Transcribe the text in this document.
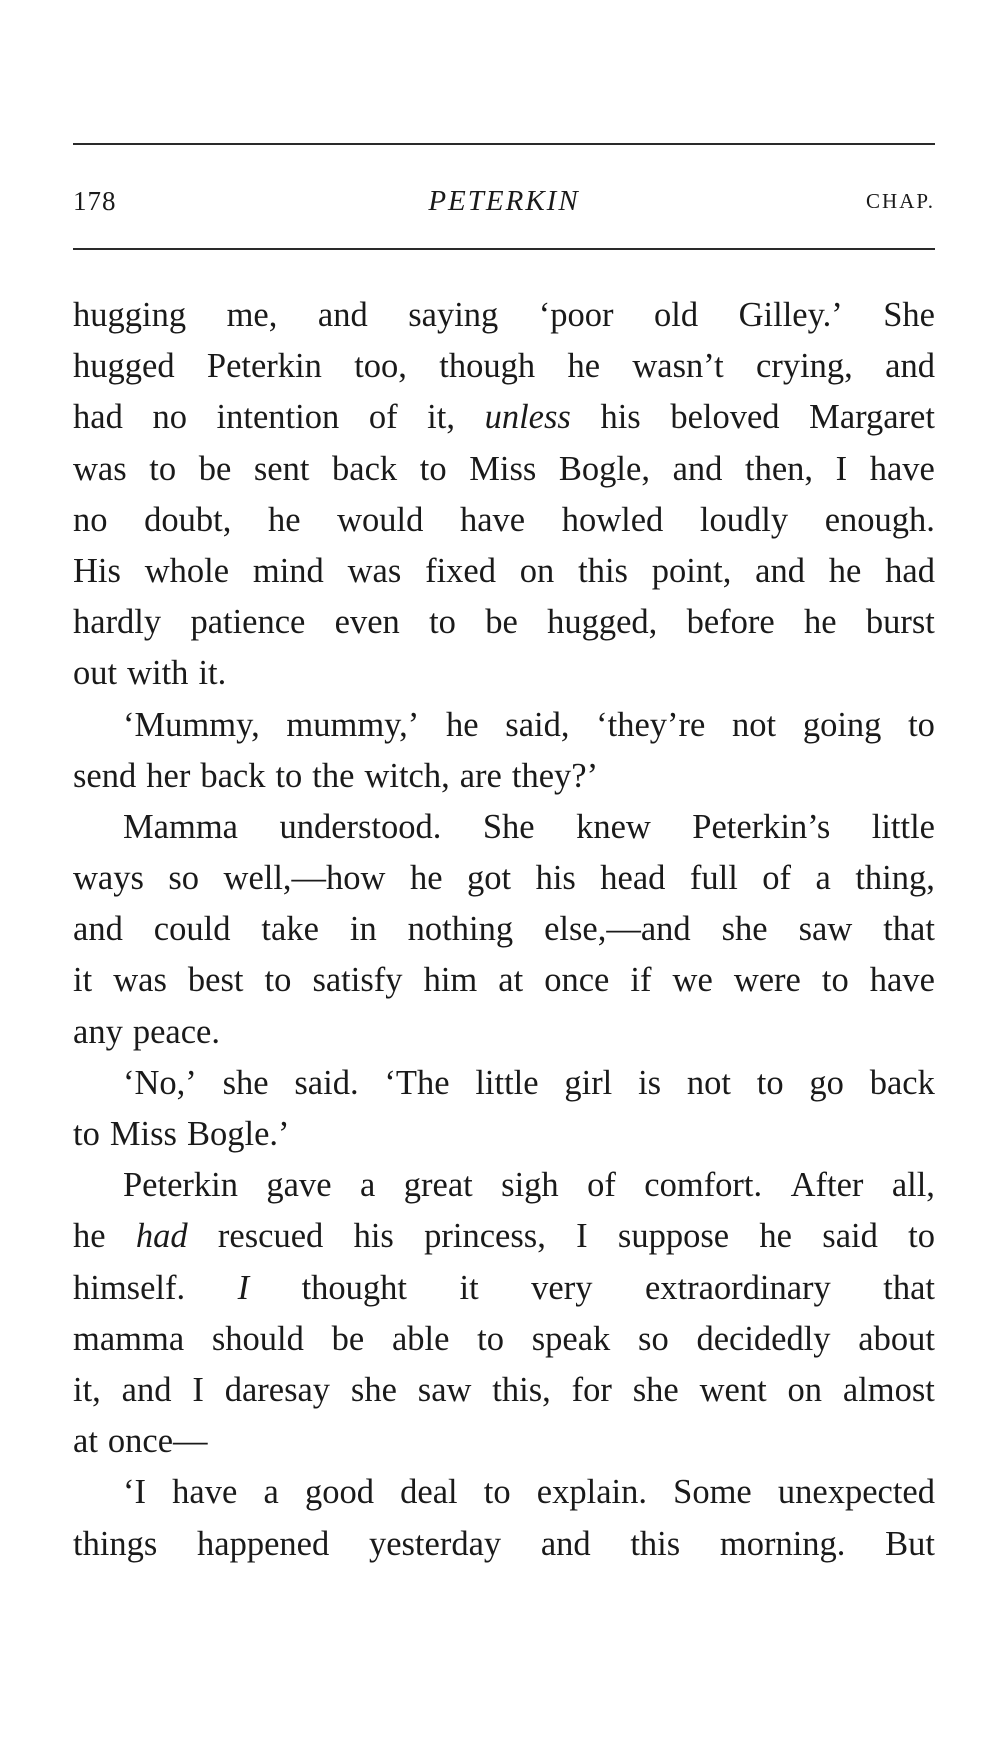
178	PETERKIN	CHAP.
hugging me, and saying ‘poor old Gilley.’ She
hugged Peterkin too, though he wasn’t crying, and
had no intention of it, unless his beloved Margaret
was to be sent back to Miss Bogle, and then, I have
no doubt, he would have howled loudly enough.
His whole mind was fixed on this point, and he had
hardly patience even to be hugged, before he burst
out with it.
‘Mummy, mummy,’ he said, ‘they’re not going to
send her back to the witch, are they?’
Mamma understood. She knew Peterkin’s little
ways so well,—how he got his head full of a thing,
and could take in nothing else,—and she saw that
it was best to satisfy him at once if we were to have
any peace.
‘No,’ she said. ‘The little girl is not to go back
to Miss Bogle.’
Peterkin gave a great sigh of comfort. After all,
he had rescued his princess, I suppose he said to
himself. I thought it very extraordinary that
mamma should be able to speak so decidedly about
it, and I daresay she saw this, for she went on almost
at once—
‘I have a good deal to explain. Some unexpected
things happened yesterday and this morning. But
